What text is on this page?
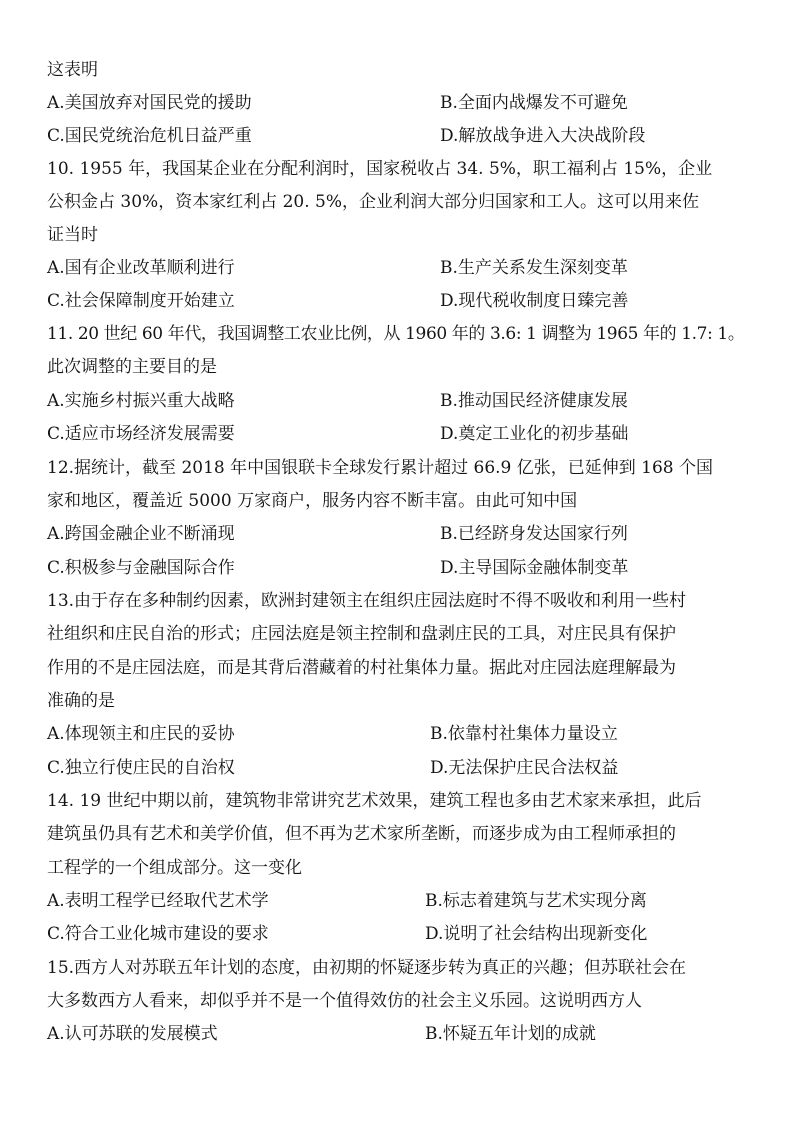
这表明
A.美国放弃对国民党的援助	B.全面内战爆发不可避免
C.国民党统治危机日益严重	D.解放战争进入大决战阶段
10. 1955 年，我国某企业在分配利润时，国家税收占 34. 5%，职工福利占 15%，企业
公积金占 30%，资本家红利占 20. 5%，企业利润大部分归国家和工人。这可以用来佐
证当时
A.国有企业改革顺利进行	B.生产关系发生深刻变革
C.社会保障制度开始建立	D.现代税收制度日臻完善
11. 20 世纪 60 年代，我国调整工农业比例，从 1960 年的 3.6: 1 调整为 1965 年的 1.7: 1。
此次调整的主要目的是
A.实施乡村振兴重大战略	B.推动国民经济健康发展
C.适应市场经济发展需要	D.奠定工业化的初步基础
12.据统计，截至 2018 年中国银联卡全球发行累计超过 66.9 亿张，已延伸到 168 个国
家和地区，覆盖近 5000 万家商户，服务内容不断丰富。由此可知中国
A.跨国金融企业不断涌现	B.已经跻身发达国家行列
C.积极参与金融国际合作	D.主导国际金融体制变革
13.由于存在多种制约因素，欧洲封建领主在组织庄园法庭时不得不吸收和利用一些村
社组织和庄民自治的形式；庄园法庭是领主控制和盘剥庄民的工具，对庄民具有保护
作用的不是庄园法庭，而是其背后潜藏着的村社集体力量。据此对庄园法庭理解最为
准确的是
A.体现领主和庄民的妥协	B.依靠村社集体力量设立
C.独立行使庄民的自治权	D.无法保护庄民合法权益
14. 19 世纪中期以前，建筑物非常讲究艺术效果，建筑工程也多由艺术家来承担，此后
建筑虽仍具有艺术和美学价值，但不再为艺术家所垄断，而逐步成为由工程师承担的
工程学的一个组成部分。这一变化
A.表明工程学已经取代艺术学	B.标志着建筑与艺术实现分离
C.符合工业化城市建设的要求	D.说明了社会结构出现新变化
15.西方人对苏联五年计划的态度，由初期的怀疑逐步转为真正的兴趣；但苏联社会在
大多数西方人看来，却似乎并不是一个值得效仿的社会主义乐园。这说明西方人
A.认可苏联的发展模式	B.怀疑五年计划的成就
